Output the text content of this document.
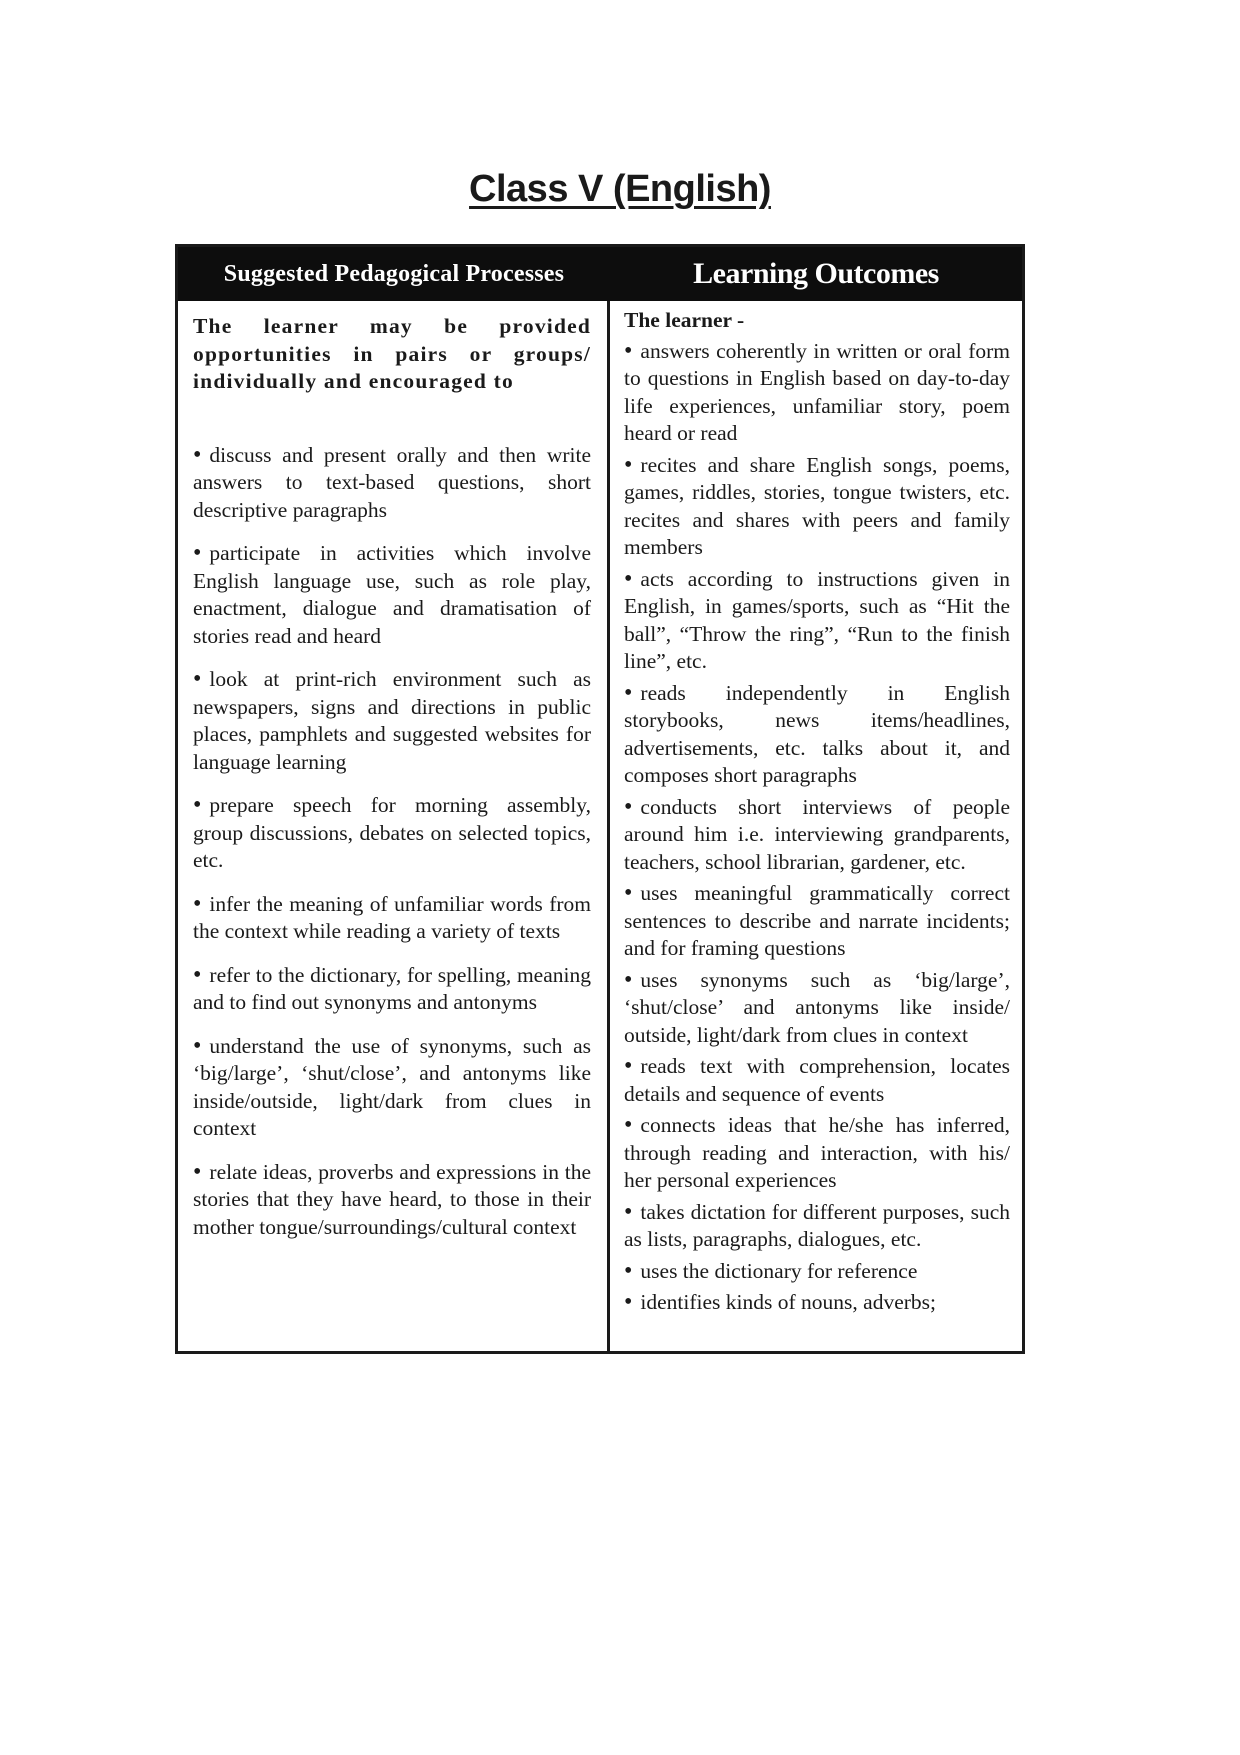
Class V (English)
Suggested Pedagogical Processes	Learning Outcomes

The learner may be provided opportunities in pairs or groups/ individually and encouraged to

• discuss and present orally and then write answers to text-based questions, short descriptive paragraphs

• participate in activities which involve English language use, such as role play, enactment, dialogue and dramatisation of stories read and heard

• look at print-rich environment such as newspapers, signs and directions in public places, pamphlets and suggested websites for language learning

• prepare speech for morning assembly, group discussions, debates on selected topics, etc.

• infer the meaning of unfamiliar words from the context while reading a variety of texts

• refer to the dictionary, for spelling, meaning and to find out synonyms and antonyms

• understand the use of synonyms, such as ‘big/large’, ‘shut/close’, and antonyms like inside/outside, light/dark from clues in context

• relate ideas, proverbs and expressions in the stories that they have heard, to those in their mother tongue/surroundings/cultural context

The learner -

• answers coherently in written or oral form to questions in English based on day-to-day life experiences, unfamiliar story, poem heard or read

• recites and share English songs, poems, games, riddles, stories, tongue twisters, etc. recites and shares with peers and family members

• acts according to instructions given in English, in games/sports, such as “Hit the ball”, “Throw the ring”, “Run to the finish line”, etc.

• reads independently in English storybooks, news items/headlines, advertisements, etc. talks about it, and composes short paragraphs

• conducts short interviews of people around him i.e. interviewing grandparents, teachers, school librarian, gardener, etc.

• uses meaningful grammatically correct sentences to describe and narrate incidents; and for framing questions

• uses synonyms such as ‘big/large’, ‘shut/close’ and antonyms like inside/ outside, light/dark from clues in context

• reads text with comprehension, locates details and sequence of events

• connects ideas that he/she has inferred, through reading and interaction, with his/ her personal experiences

• takes dictation for different purposes, such as lists, paragraphs, dialogues, etc.

• uses the dictionary for reference

• identifies kinds of nouns, adverbs;
